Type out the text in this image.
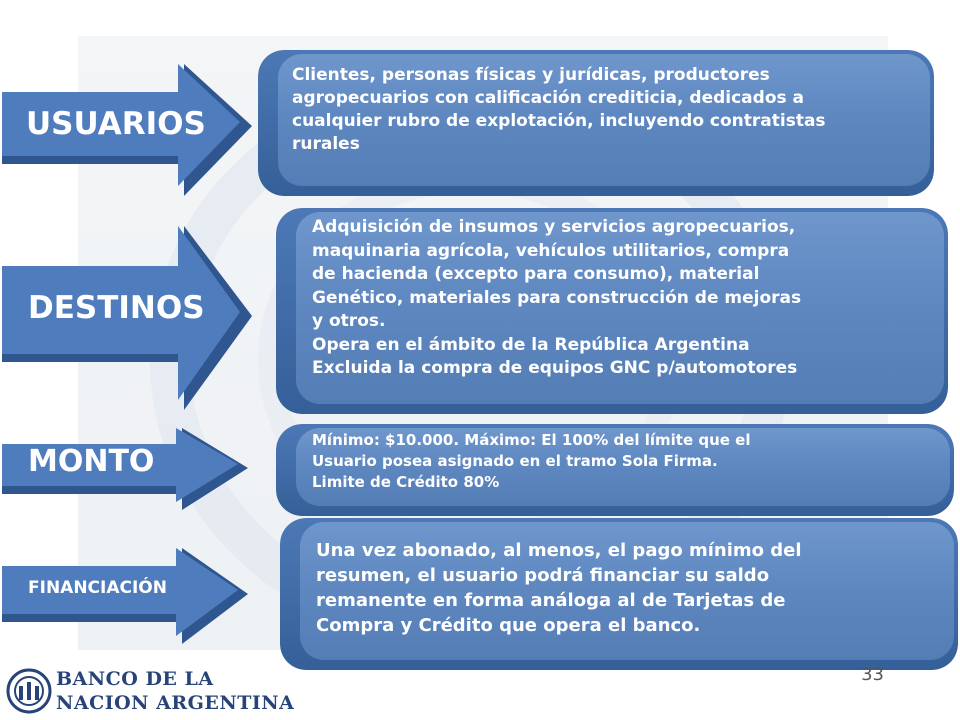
USUARIOS
Clientes, personas físicas y jurídicas, productores
agropecuarios con calificación crediticia, dedicados a
cualquier rubro de explotación, incluyendo contratistas
rurales
DESTINOS
Adquisición de insumos y servicios agropecuarios,
maquinaria agrícola, vehículos utilitarios, compra
de hacienda (excepto para consumo), material
Genético, materiales para construcción de mejoras
y otros.
Opera en el ámbito de la República Argentina
Excluida la compra de equipos GNC p/automotores
MONTO
Mínimo: $10.000. Máximo: El 100% del límite que el
Usuario posea asignado en el tramo Sola Firma.
Limite de Crédito 80%
FINANCIACIÓN
Una vez abonado, al menos, el pago mínimo del
resumen, el usuario podrá financiar su saldo
remanente en forma análoga al de Tarjetas de
Compra y Crédito que opera el banco.
33
BANCO DE LA
NACION ARGENTINA
